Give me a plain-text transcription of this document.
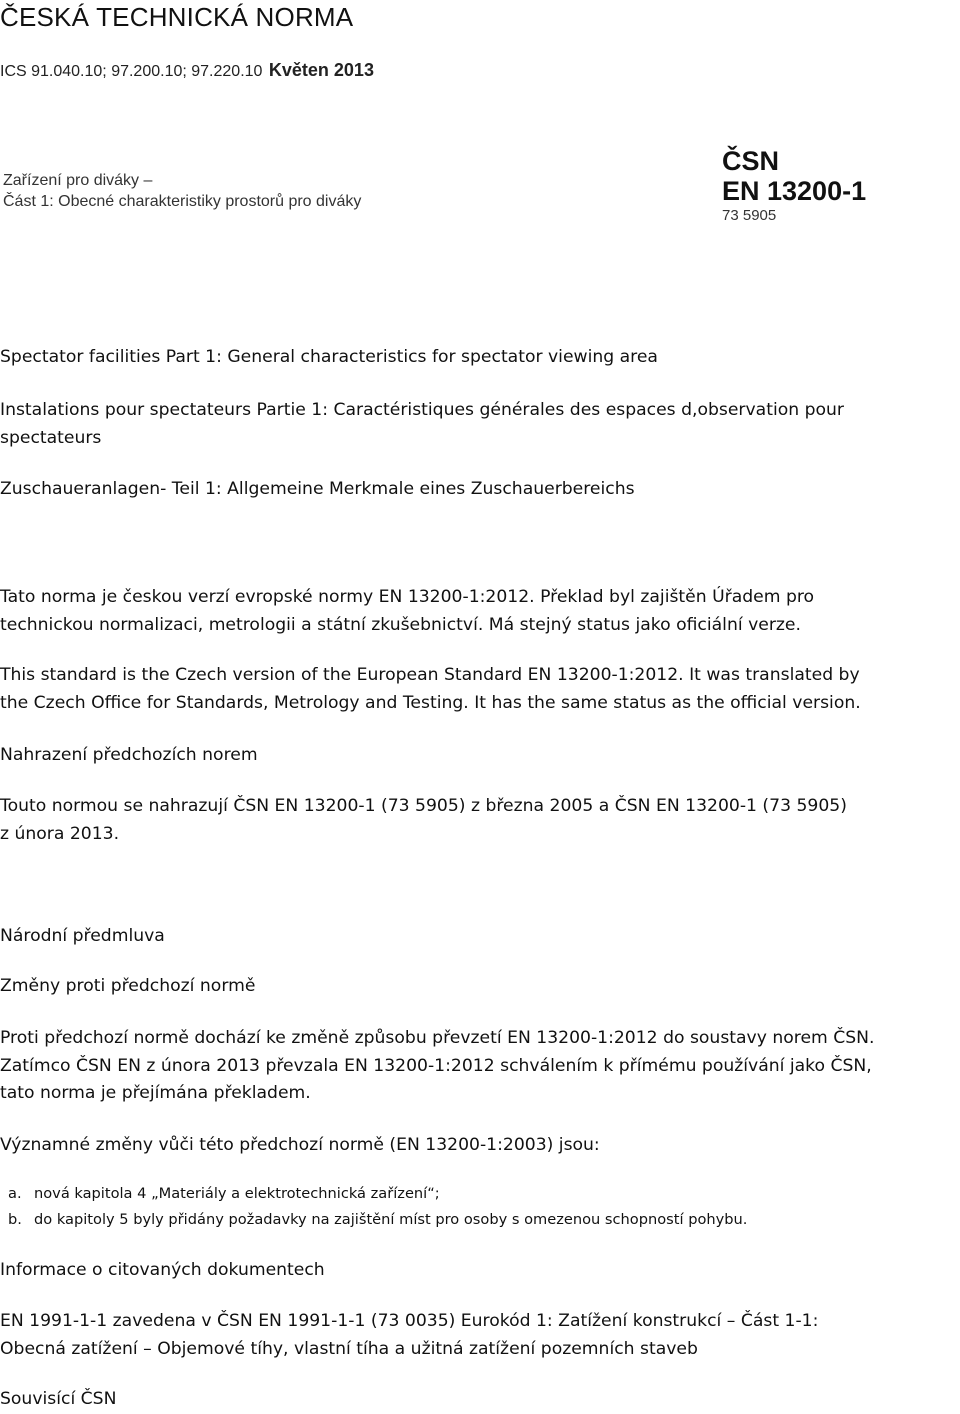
ČESKÁ TECHNICKÁ NORMA
ICS 91.040.10; 97.200.10; 97.220.10 Květen 2013
Zařízení pro diváky –
Část 1: Obecné charakteristiky prostorů pro diváky
ČSN
EN 13200-1
73 5905
Spectator facilities Part 1: General characteristics for spectator viewing area
Instalations pour spectateurs Partie 1: Caractéristiques générales des espaces d,observation pour
spectateurs
Zuschaueranlagen- Teil 1: Allgemeine Merkmale eines Zuschauerbereichs
Tato norma je českou verzí evropské normy EN 13200-1:2012. Překlad byl zajištěn Úřadem pro
technickou normalizaci, metrologii a státní zkušebnictví. Má stejný status jako oficiální verze.
This standard is the Czech version of the European Standard EN 13200-1:2012. It was translated by
the Czech Office for Standards, Metrology and Testing. It has the same status as the official version.
Nahrazení předchozích norem
Touto normou se nahrazují ČSN EN 13200-1 (73 5905) z března 2005 a ČSN EN 13200-1 (73 5905)
z února 2013.
Národní předmluva
Změny proti předchozí normě
Proti předchozí normě dochází ke změně způsobu převzetí EN 13200-1:2012 do soustavy norem ČSN.
Zatímco ČSN EN z února 2013 převzala EN 13200-1:2012 schválením k přímému používání jako ČSN,
tato norma je přejímána překladem.
Významné změny vůči této předchozí normě (EN 13200-1:2003) jsou:
a. nová kapitola 4 „Materiály a elektrotechnická zařízení“;
b. do kapitoly 5 byly přidány požadavky na zajištění míst pro osoby s omezenou schopností pohybu.
Informace o citovaných dokumentech
EN 1991-1-1 zavedena v ČSN EN 1991-1-1 (73 0035) Eurokód 1: Zatížení konstrukcí – Část 1-1:
Obecná zatížení – Objemové tíhy, vlastní tíha a užitná zatížení pozemních staveb
Souvisící ČSN
